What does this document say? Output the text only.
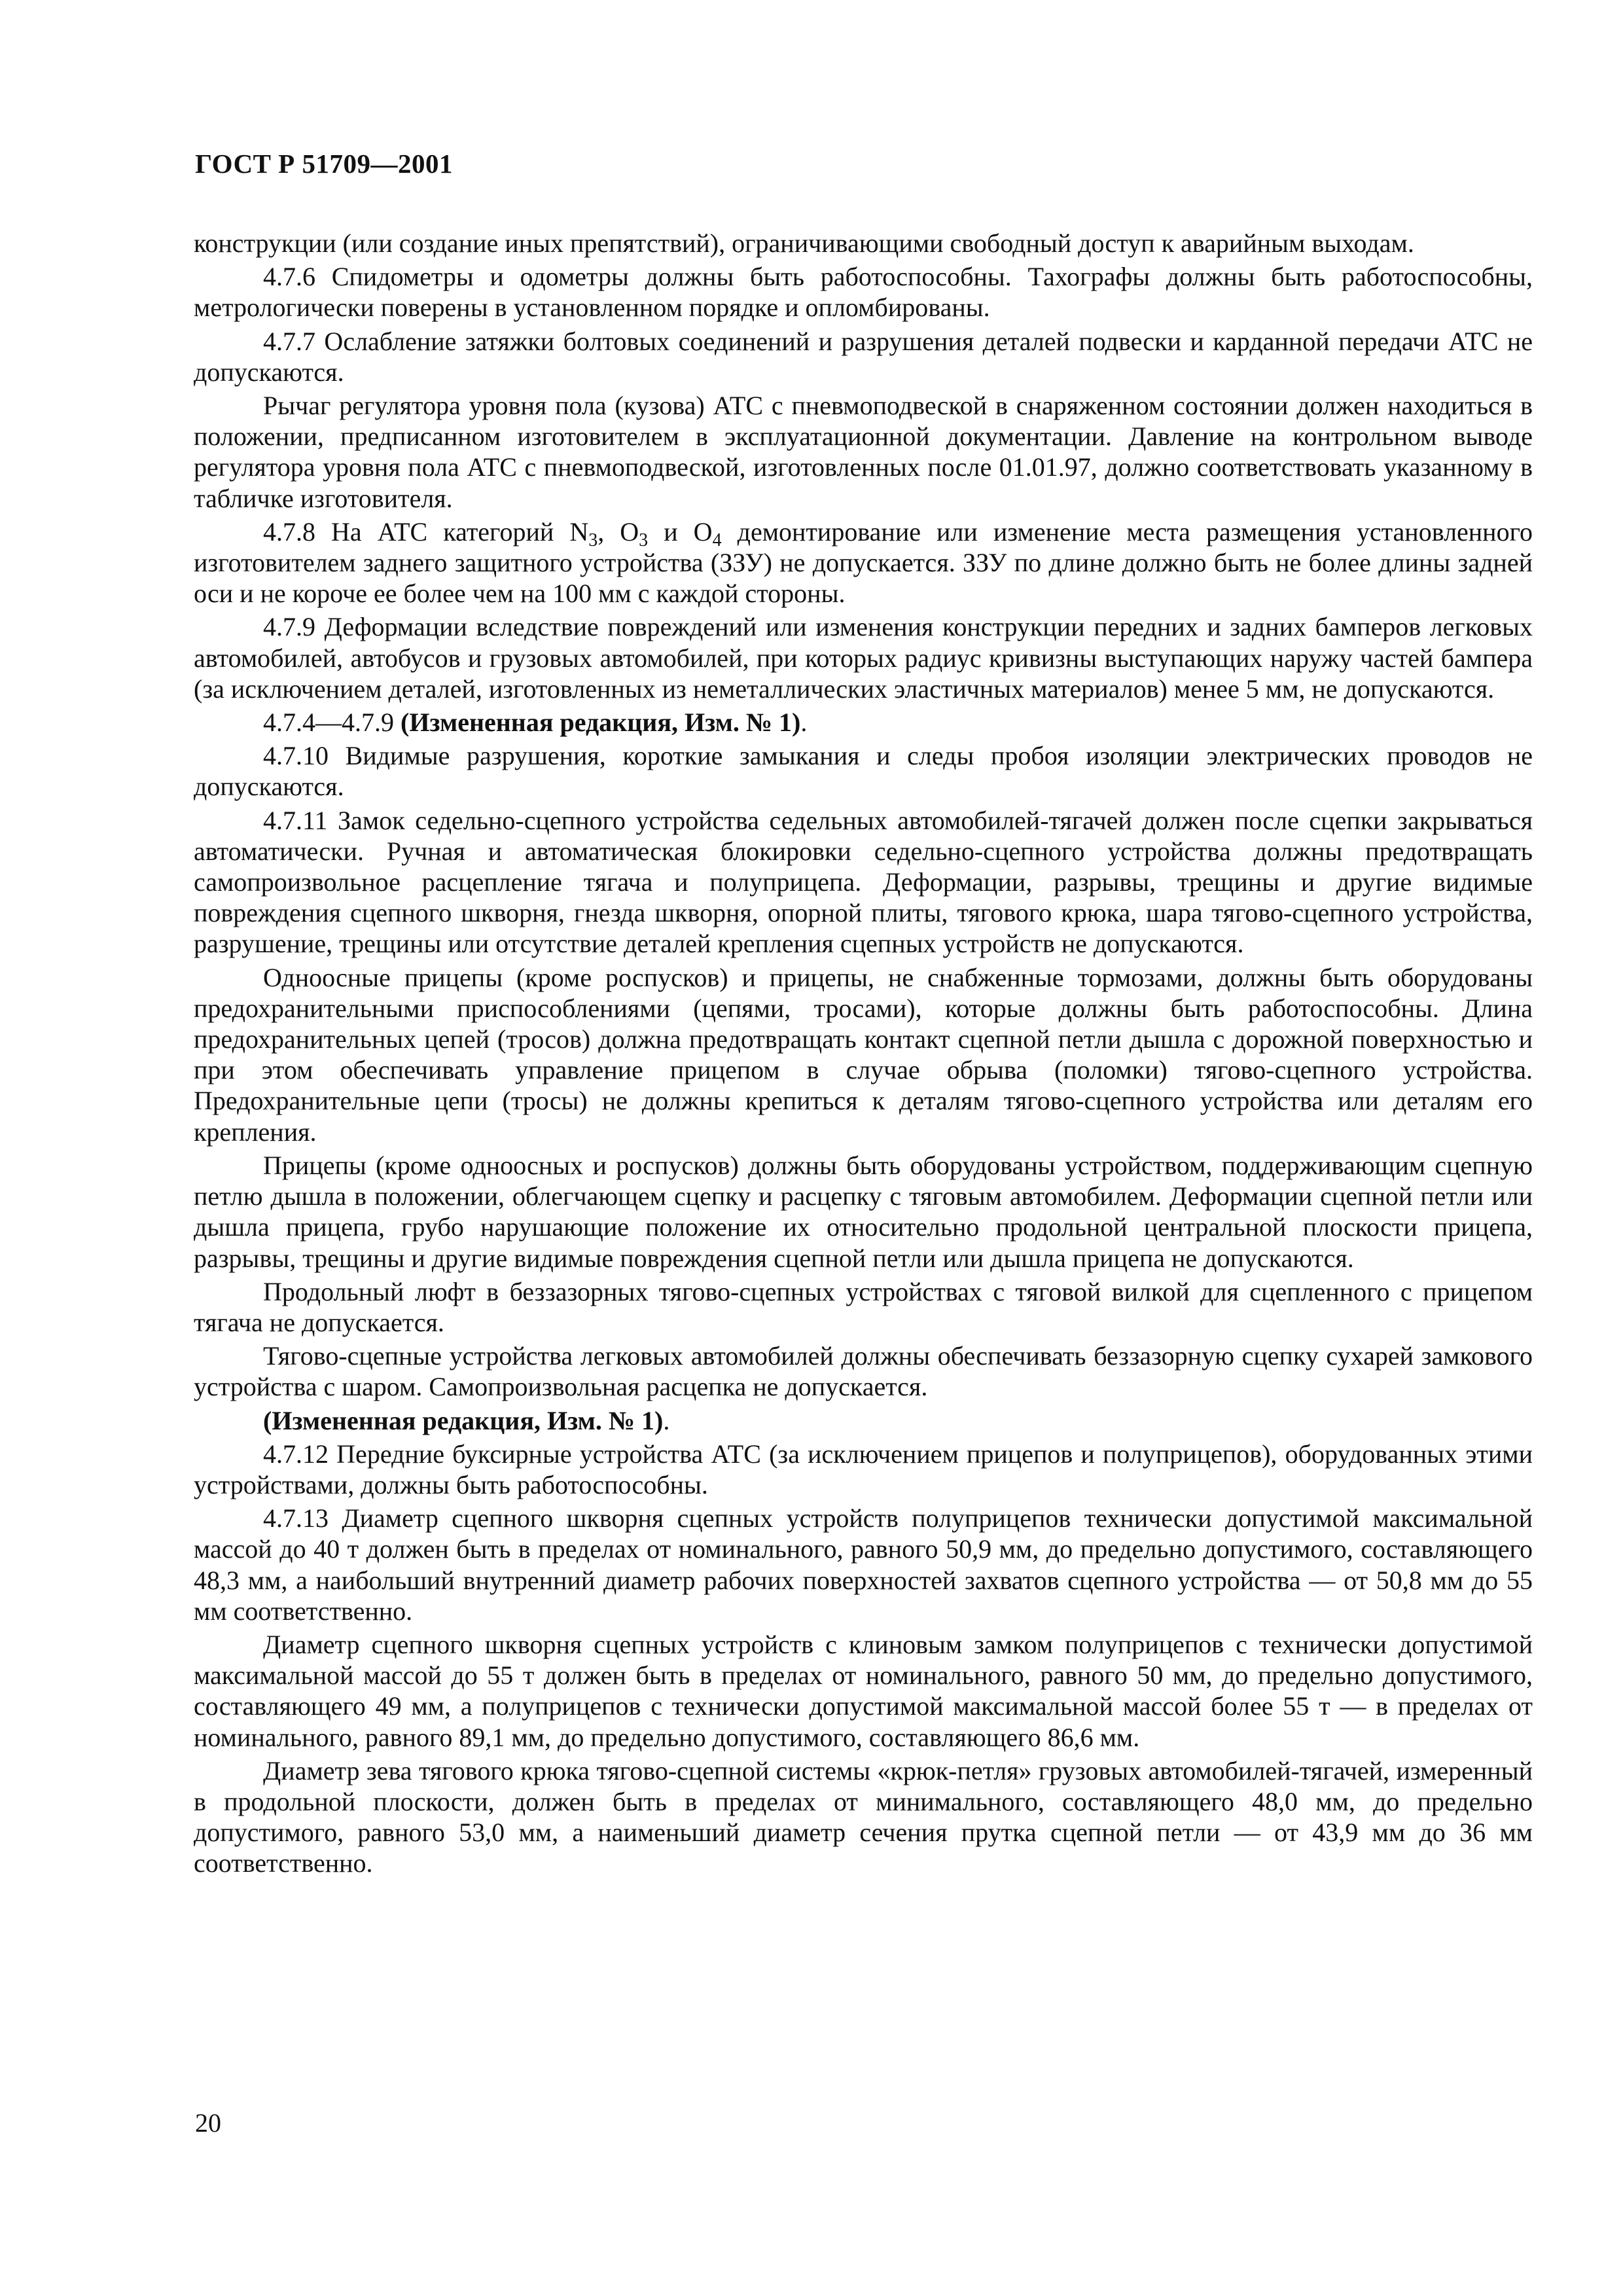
ГОСТ Р 51709—2001

конструкции (или создание иных препятствий), ограничивающими свободный доступ к аварийным выходам.

4.7.6 Спидометры и одометры должны быть работоспособны. Тахографы должны быть работоспособны, метрологически поверены в установленном порядке и опломбированы.

4.7.7 Ослабление затяжки болтовых соединений и разрушения деталей подвески и карданной передачи АТС не допускаются.

Рычаг регулятора уровня пола (кузова) АТС с пневмоподвеской в снаряженном состоянии должен находиться в положении, предписанном изготовителем в эксплуатационной документации. Давление на контрольном выводе регулятора уровня пола АТС с пневмоподвеской, изготовленных после 01.01.97, должно соответствовать указанному в табличке изготовителя.

4.7.8 На АТС категорий $N_3$, $O_3$ и $O_4$ демонтирование или изменение места размещения установленного изготовителем заднего защитного устройства (ЗЗУ) не допускается. ЗЗУ по длине должно быть не более длины задней оси и не короче ее более чем на 100 мм с каждой стороны.

4.7.9 Деформации вследствие повреждений или изменения конструкции передних и задних бамперов легковых автомобилей, автобусов и грузовых автомобилей, при которых радиус кривизны выступающих наружу частей бампера (за исключением деталей, изготовленных из неметаллических эластичных материалов) менее 5 мм, не допускаются.

4.7.4—4.7.9 (Измененная редакция, Изм. № 1).

4.7.10 Видимые разрушения, короткие замыкания и следы пробоя изоляции электрических проводов не допускаются.

4.7.11 Замок седельно-сцепного устройства седельных автомобилей-тягачей должен после сцепки закрываться автоматически. Ручная и автоматическая блокировки седельно-сцепного устройства должны предотвращать самопроизвольное расцепление тягача и полуприцепа. Деформации, разрывы, трещины и другие видимые повреждения сцепного шкворня, гнезда шкворня, опорной плиты, тягового крюка, шара тягово-сцепного устройства, разрушение, трещины или отсутствие деталей крепления сцепных устройств не допускаются.

Одноосные прицепы (кроме роспусков) и прицепы, не снабженные тормозами, должны быть оборудованы предохранительными приспособлениями (цепями, тросами), которые должны быть работоспособны. Длина предохранительных цепей (тросов) должна предотвращать контакт сцепной петли дышла с дорожной поверхностью и при этом обеспечивать управление прицепом в случае обрыва (поломки) тягово-сцепного устройства. Предохранительные цепи (тросы) не должны крепиться к деталям тягово-сцепного устройства или деталям его крепления.

Прицепы (кроме одноосных и роспусков) должны быть оборудованы устройством, поддерживающим сцепную петлю дышла в положении, облегчающем сцепку и расцепку с тяговым автомобилем. Деформации сцепной петли или дышла прицепа, грубо нарушающие положение их относительно продольной центральной плоскости прицепа, разрывы, трещины и другие видимые повреждения сцепной петли или дышла прицепа не допускаются.

Продольный люфт в беззазорных тягово-сцепных устройствах с тяговой вилкой для сцепленного с прицепом тягача не допускается.

Тягово-сцепные устройства легковых автомобилей должны обеспечивать беззазорную сцепку сухарей замкового устройства с шаром. Самопроизвольная расцепка не допускается.

(Измененная редакция, Изм. № 1).

4.7.12 Передние буксирные устройства АТС (за исключением прицепов и полуприцепов), оборудованных этими устройствами, должны быть работоспособны.

4.7.13 Диаметр сцепного шкворня сцепных устройств полуприцепов технически допустимой максимальной массой до 40 т должен быть в пределах от номинального, равного 50,9 мм, до предельно допустимого, составляющего 48,3 мм, а наибольший внутренний диаметр рабочих поверхностей захватов сцепного устройства — от 50,8 мм до 55 мм соответственно.

Диаметр сцепного шкворня сцепных устройств с клиновым замком полуприцепов с технически допустимой максимальной массой до 55 т должен быть в пределах от номинального, равного 50 мм, до предельно допустимого, составляющего 49 мм, а полуприцепов с технически допустимой максимальной массой более 55 т — в пределах от номинального, равного 89,1 мм, до предельно допустимого, составляющего 86,6 мм.

Диаметр зева тягового крюка тягово-сцепной системы «крюк-петля» грузовых автомобилей-тягачей, измеренный в продольной плоскости, должен быть в пределах от минимального, составляющего 48,0 мм, до предельно допустимого, равного 53,0 мм, а наименьший диаметр сечения прутка сцепной петли — от 43,9 мм до 36 мм соответственно.

20
